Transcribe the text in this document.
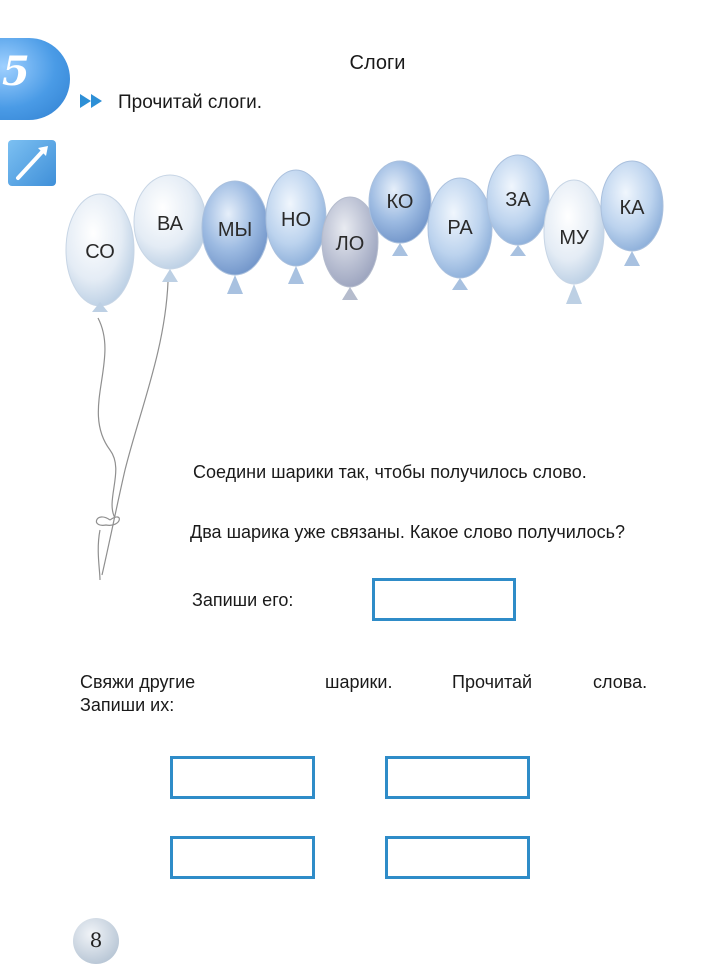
5	Слоги
Прочитай слоги.
СО
ВА МЫ НО
ЛО
КО
РА
ЗА
МУ
КА
Соедини шарики так, чтобы получилось слово.
Два шарика уже связаны. Какое слово получилось?
Запиши его:
Свяжи другие	шарики.	Прочитай	слова.
Запиши их:
8
